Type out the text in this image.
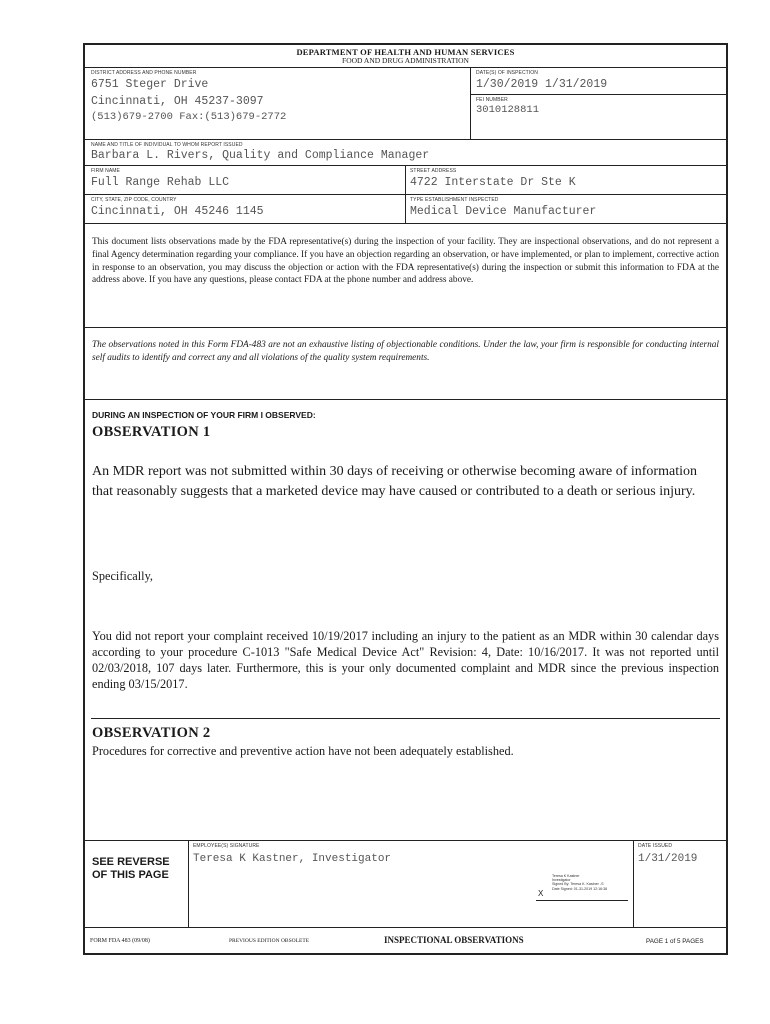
DEPARTMENT OF HEALTH AND HUMAN SERVICES
FOOD AND DRUG ADMINISTRATION
DISTRICT ADDRESS AND PHONE NUMBER
6751 Steger Drive
Cincinnati, OH 45237-3097
(513)679-2700 Fax:(513)679-2772
DATE(S) OF INSPECTION
1/30/2019 1/31/2019
FEI NUMBER
3010128811
NAME AND TITLE OF INDIVIDUAL TO WHOM REPORT ISSUED
Barbara L. Rivers, Quality and Compliance Manager
FIRM NAME
Full Range Rehab LLC
STREET ADDRESS
4722 Interstate Dr Ste K
CITY, STATE, ZIP CODE, COUNTRY
Cincinnati, OH 45246 1145
TYPE ESTABLISHMENT INSPECTED
Medical Device Manufacturer
This document lists observations made by the FDA representative(s) during the inspection of your facility. They are inspectional observations, and do not represent a final Agency determination regarding your compliance. If you have an objection regarding an observation, or have implemented, or plan to implement, corrective action in response to an observation, you may discuss the objection or action with the FDA representative(s) during the inspection or submit this information to FDA at the address above. If you have any questions, please contact FDA at the phone number and address above.
The observations noted in this Form FDA-483 are not an exhaustive listing of objectionable conditions. Under the law, your firm is responsible for conducting internal self audits to identify and correct any and all violations of the quality system requirements.
DURING AN INSPECTION OF YOUR FIRM I OBSERVED:
OBSERVATION 1
An MDR report was not submitted within 30 days of receiving or otherwise becoming aware of information that reasonably suggests that a marketed device may have caused or contributed to a death or serious injury.
Specifically,
You did not report your complaint received 10/19/2017 including an injury to the patient as an MDR within 30 calendar days according to your procedure C-1013 "Safe Medical Device Act" Revision: 4, Date: 10/16/2017. It was not reported until 02/03/2018, 107 days later. Furthermore, this is your only documented complaint and MDR since the previous inspection ending 03/15/2017.
OBSERVATION 2
Procedures for corrective and preventive action have not been adequately established.
SEE REVERSE OF THIS PAGE
EMPLOYEE(S) SIGNATURE
Teresa K Kastner, Investigator
Teresa K Kastner
Investigator
Signed By: Teresa K. Kastner -S
Date Signed: 01-31-2019 12:16:38
X
DATE ISSUED
1/31/2019
FORM FDA 483 (09/08)	PREVIOUS EDITION OBSOLETE	INSPECTIONAL OBSERVATIONS	PAGE 1 of 5 PAGES
